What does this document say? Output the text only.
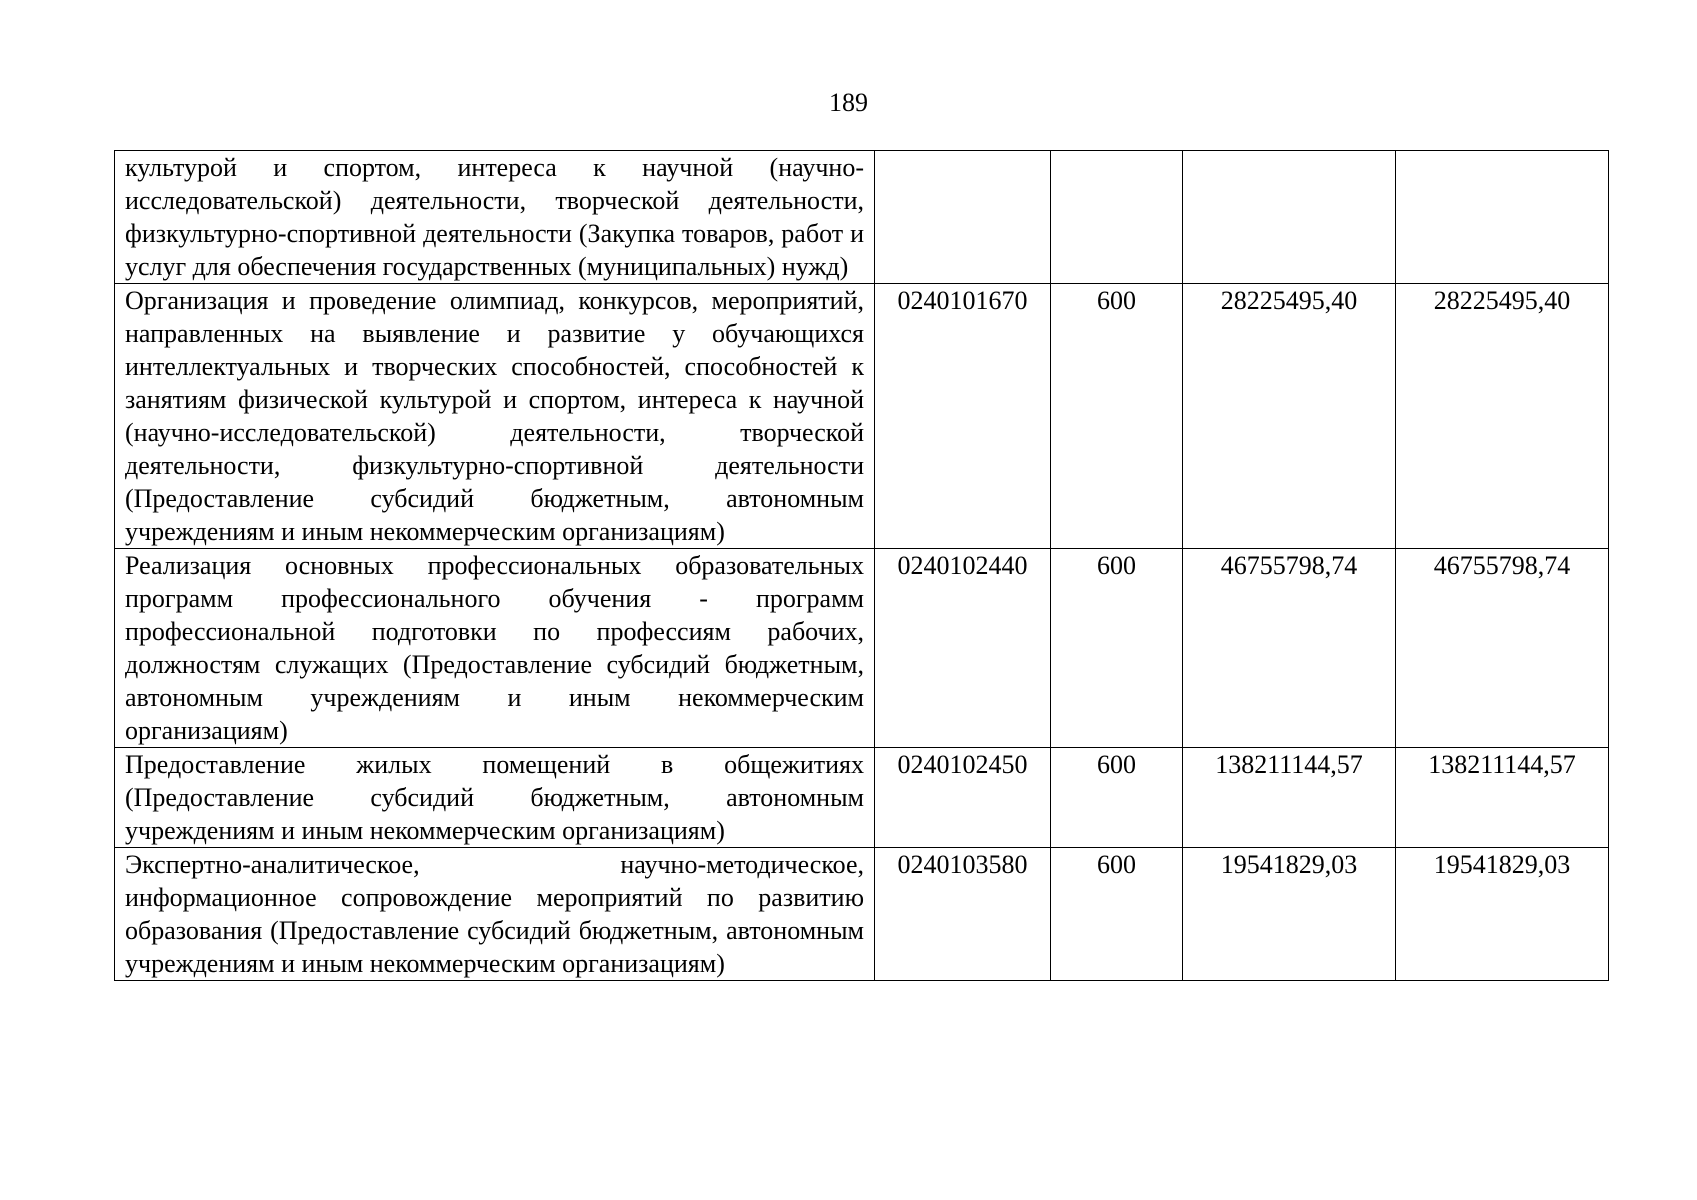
189
культурой и спортом, интереса к научной (научно-исследовательской) деятельности, творческой деятельности, физкультурно-спортивной деятельности (Закупка товаров, работ и услуг для обеспечения государственных (муниципальных) нужд)				
Организация и проведение олимпиад, конкурсов, мероприятий, направленных на выявление и развитие у обучающихся интеллектуальных и творческих способностей, способностей к занятиям физической культурой и спортом, интереса к научной (научно-исследовательской) деятельности, творческой деятельности, физкультурно-спортивной деятельности (Предоставление субсидий бюджетным, автономным учреждениям и иным некоммерческим организациям)	0240101670	600	28225495,40	28225495,40
Реализация основных профессиональных образовательных программ профессионального обучения - программ профессиональной подготовки по профессиям рабочих, должностям служащих (Предоставление субсидий бюджетным, автономным учреждениям и иным некоммерческим организациям)	0240102440	600	46755798,74	46755798,74
Предоставление жилых помещений в общежитиях (Предоставление субсидий бюджетным, автономным учреждениям и иным некоммерческим организациям)	0240102450	600	138211144,57	138211144,57
Экспертно-аналитическое, научно-методическое, информационное сопровождение мероприятий по развитию образования (Предоставление субсидий бюджетным, автономным учреждениям и иным некоммерческим организациям)	0240103580	600	19541829,03	19541829,03
